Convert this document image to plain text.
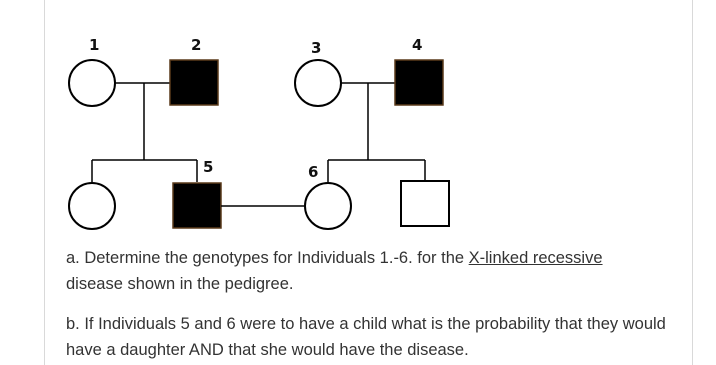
1	2	3	4
5	6

a. Determine the genotypes for Individuals 1.-6. for the X-linked recessive
disease shown in the pedigree.

b. If Individuals 5 and 6 were to have a child what is the probability that they would have a daughter AND that she would have the disease.
